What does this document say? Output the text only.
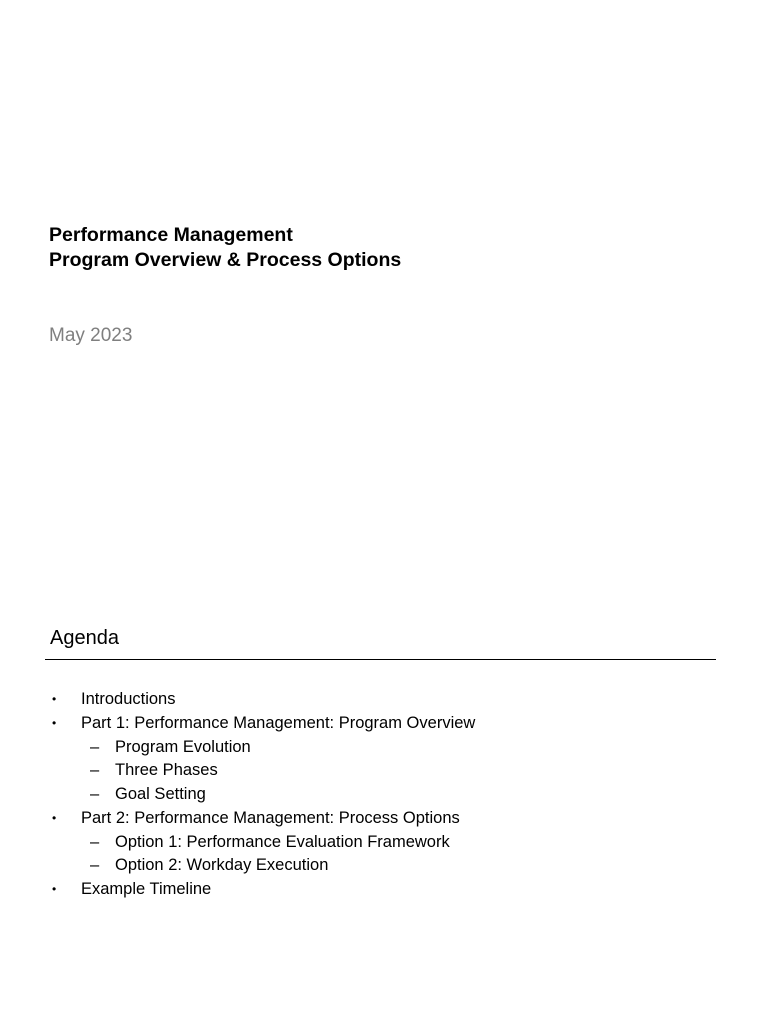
Performance Management
Program Overview & Process Options
May 2023
Agenda
• Introductions
• Part 1: Performance Management: Program Overview
– Program Evolution
– Three Phases
– Goal Setting
• Part 2: Performance Management: Process Options
– Option 1: Performance Evaluation Framework
– Option 2: Workday Execution
• Example Timeline
